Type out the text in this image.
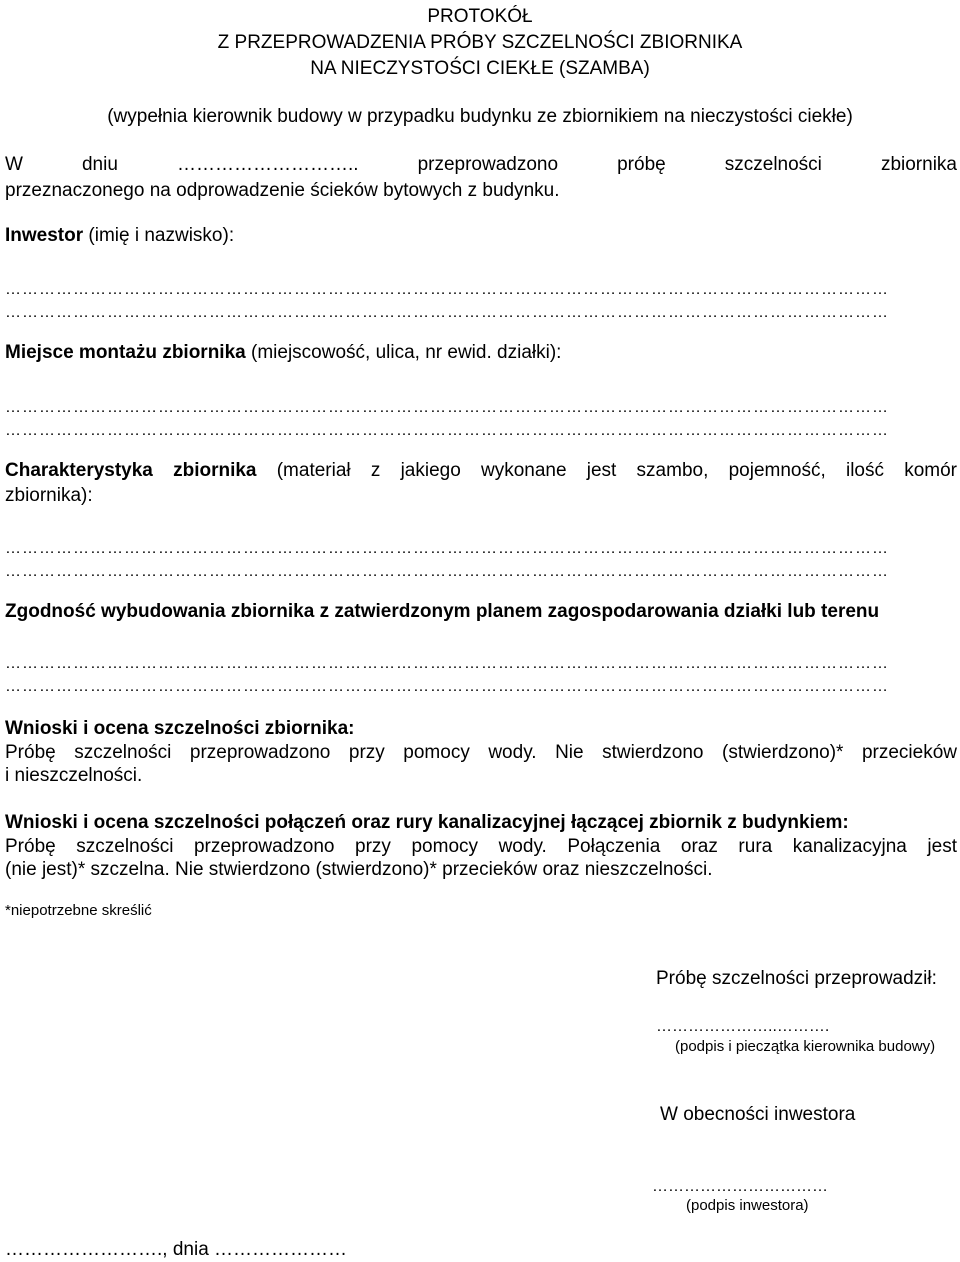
PROTOKÓŁ
Z PRZEPROWADZENIA PRÓBY SZCZELNOŚCI ZBIORNIKA
NA NIECZYSTOŚCI CIEKŁE (SZAMBA)
(wypełnia kierownik budowy w przypadku budynku ze zbiornikiem na nieczystości ciekłe)
W dniu ……………………….. przeprowadzono próbę szczelności zbiornika
przeznaczonego na odprowadzenie ścieków bytowych z budynku.
Inwestor (imię i nazwisko):
…………………………………………………………………………………………………………………………………………
…………………………………………………………………………………………………………………………………………
Miejsce montażu zbiornika (miejscowość, ulica, nr ewid. działki):
…………………………………………………………………………………………………………………………………………
…………………………………………………………………………………………………………………………………………
Charakterystyka zbiornika (materiał z jakiego wykonane jest szambo, pojemność, ilość komór
zbiornika):
…………………………………………………………………………………………………………………………………………
…………………………………………………………………………………………………………………………………………
Zgodność wybudowania zbiornika z zatwierdzonym planem zagospodarowania działki lub terenu
…………………………………………………………………………………………………………………………………………
…………………………………………………………………………………………………………………………………………
Wnioski i ocena szczelności zbiornika:
Próbę szczelności przeprowadzono przy pomocy wody. Nie stwierdzono (stwierdzono)* przecieków
i nieszczelności.
Wnioski i ocena szczelności połączeń oraz rury kanalizacyjnej łączącej zbiornik z budynkiem:
Próbę szczelności przeprowadzono przy pomocy wody. Połączenia oraz rura kanalizacyjna jest
(nie jest)* szczelna. Nie stwierdzono (stwierdzono)* przecieków oraz nieszczelności.
*niepotrzebne skreślić
Próbę szczelności przeprowadził:
…………………..……….
(podpis i pieczątka kierownika budowy)
W obecności inwestora
……………………………
(podpis inwestora)
……………………., dnia …………………
